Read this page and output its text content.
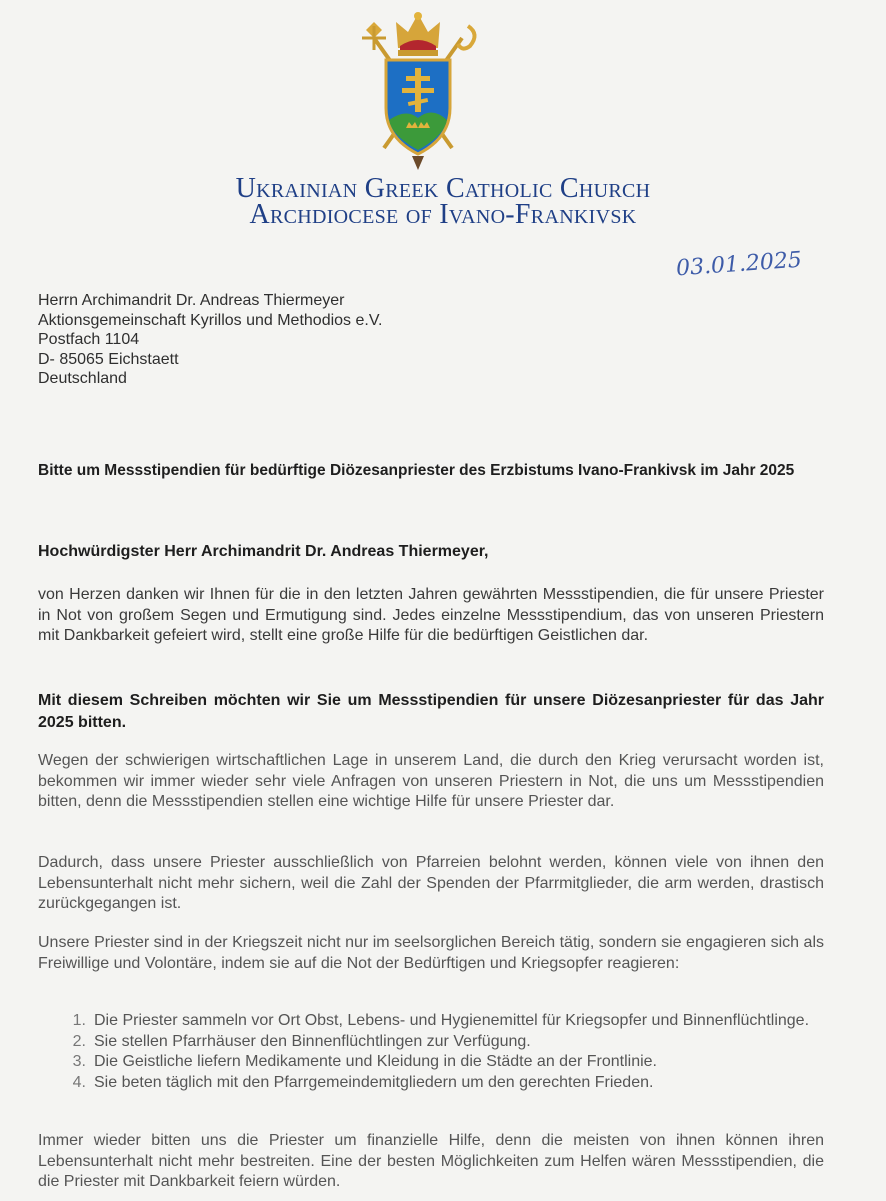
Ukrainian Greek Catholic Church
Archdiocese of Ivano-Frankivsk
03.01.2025
Herrn Archimandrit Dr. Andreas Thiermeyer
Aktionsgemeinschaft Kyrillos und Methodios e.V.
Postfach 1104
D- 85065 Eichstaett
Deutschland
Bitte um Messstipendien für bedürftige Diözesanpriester des Erzbistums Ivano-Frankivsk im Jahr 2025
Hochwürdigster Herr Archimandrit Dr. Andreas Thiermeyer,
von Herzen danken wir Ihnen für die in den letzten Jahren gewährten Messstipendien, die für unsere Priester in Not von großem Segen und Ermutigung sind. Jedes einzelne Messstipendium, das von unseren Priestern mit Dankbarkeit gefeiert wird, stellt eine große Hilfe für die bedürftigen Geistlichen dar.
Mit diesem Schreiben möchten wir Sie um Messstipendien für unsere Diözesanpriester für das Jahr 2025 bitten.
Wegen der schwierigen wirtschaftlichen Lage in unserem Land, die durch den Krieg verursacht worden ist, bekommen wir immer wieder sehr viele Anfragen von unseren Priestern in Not, die uns um Messstipendien bitten, denn die Messstipendien stellen eine wichtige Hilfe für unsere Priester dar.
Dadurch, dass unsere Priester ausschließlich von Pfarreien belohnt werden, können viele von ihnen den Lebensunterhalt nicht mehr sichern, weil die Zahl der Spenden der Pfarrmitglieder, die arm werden, drastisch zurückgegangen ist.
Unsere Priester sind in der Kriegszeit nicht nur im seelsorglichen Bereich tätig, sondern sie engagieren sich als Freiwillige und Volontäre, indem sie auf die Not der Bedürftigen und Kriegsopfer reagieren:
1. Die Priester sammeln vor Ort Obst, Lebens- und Hygienemittel für Kriegsopfer und Binnenflüchtlinge.
2. Sie stellen Pfarrhäuser den Binnenflüchtlingen zur Verfügung.
3. Die Geistliche liefern Medikamente und Kleidung in die Städte an der Frontlinie.
4. Sie beten täglich mit den Pfarrgemeindemitgliedern um den gerechten Frieden.
Immer wieder bitten uns die Priester um finanzielle Hilfe, denn die meisten von ihnen können ihren Lebensunterhalt nicht mehr bestreiten. Eine der besten Möglichkeiten zum Helfen wären Messstipendien, die die Priester mit Dankbarkeit feiern würden.
